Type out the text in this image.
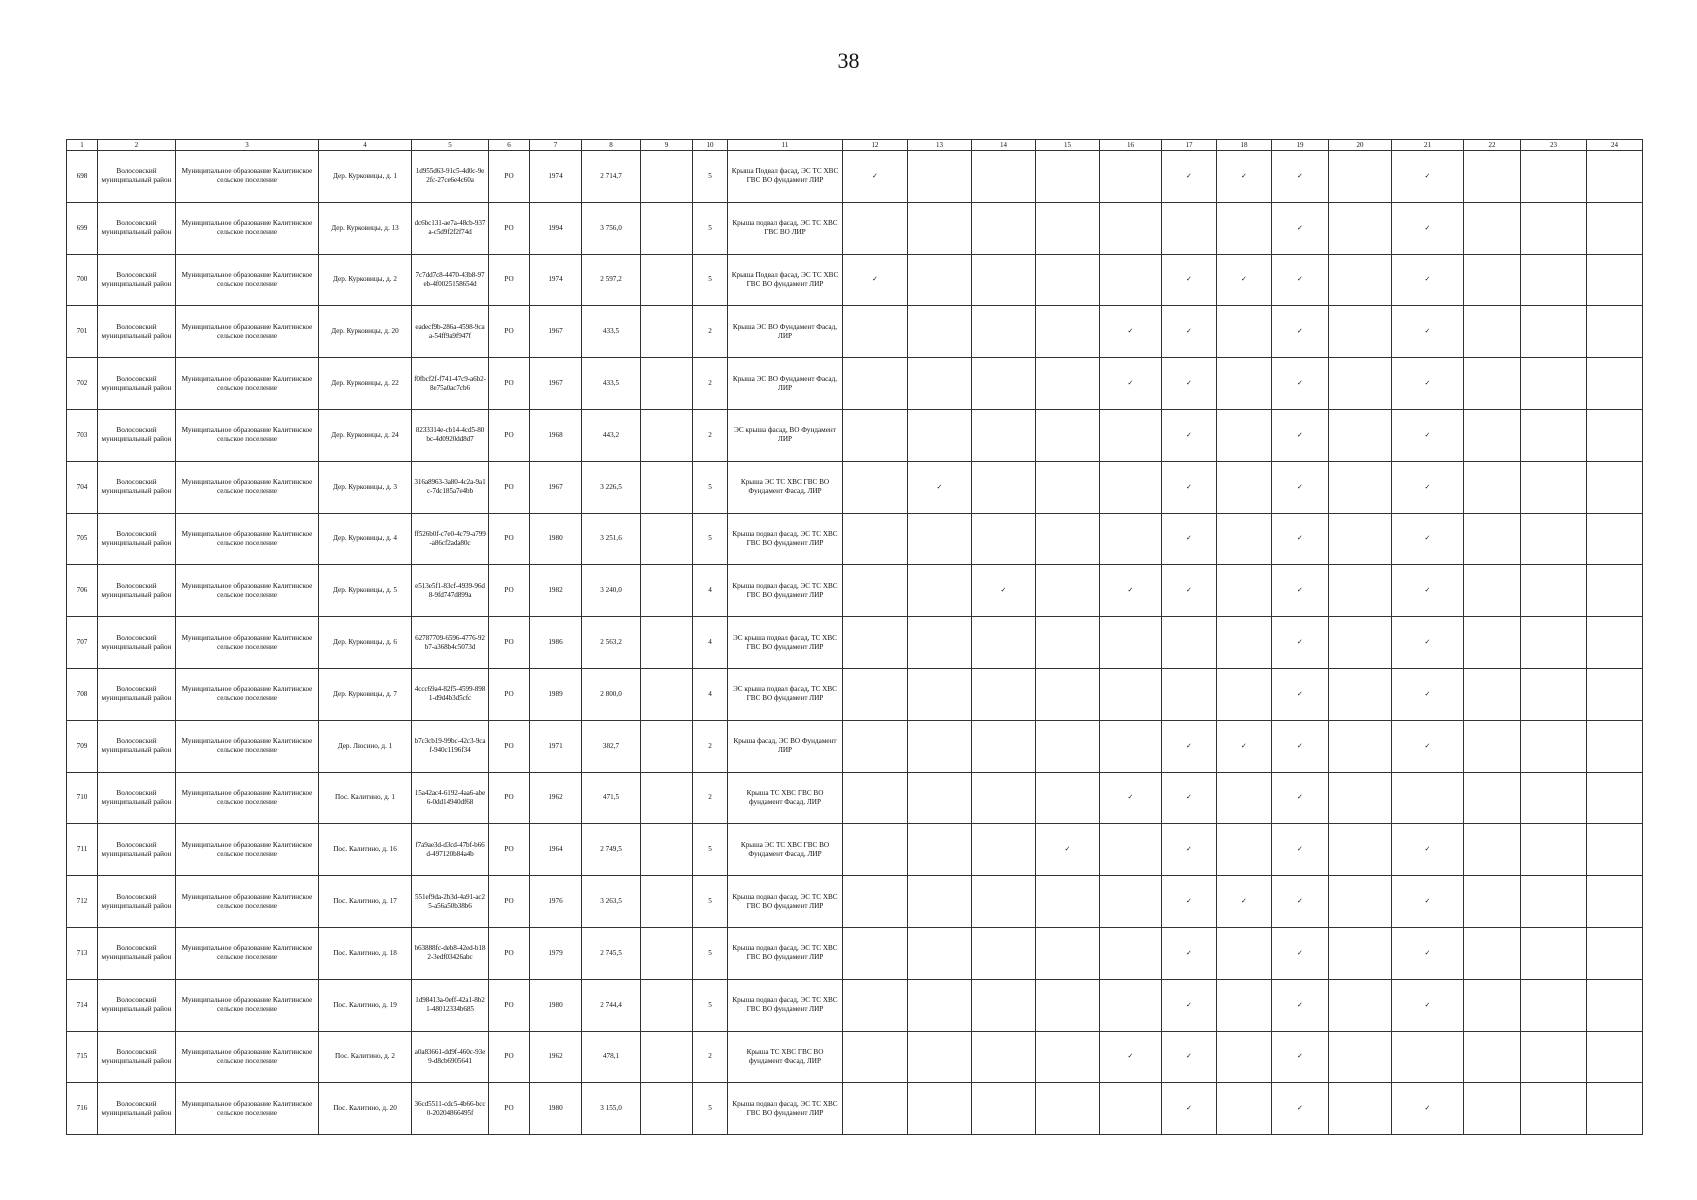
38
1	2	3	4	5	6	7	8	9	10	11	12	13	14	15	16	17	18	19	20	21	22	23	24
698	Волосовский муниципальный район	Муниципальное образование Калитинское сельское поселение	Дер. Курковицы, д. 1	1d955d63-91c5-4d0c-9e2fc-27ce6e4c60a	РО	1974	2 714,7		5	Крыша Подвал фасад, ЭС ТС ХВС ГВС ВО фундамент ЛИР	✓					✓	✓	✓		✓			
699	Волосовский муниципальный район	Муниципальное образование Калитинское сельское поселение	Дер. Курковицы, д. 13	dc6bc131-ae7a-48cb-937a-c5d9f2f2f74d	РО	1994	3 756,0		5	Крыша подвал фасад, ЭС ТС ХВС ГВС ВО ЛИР								✓		✓			
700	Волосовский муниципальный район	Муниципальное образование Калитинское сельское поселение	Дер. Курковицы, д. 2	7c7dd7c8-4470-43b8-97eb-4f0025158654d	РО	1974	2 597,2		5	Крыша Подвал фасад, ЭС ТС ХВС ГВС ВО фундамент ЛИР	✓					✓	✓	✓		✓			
701	Волосовский муниципальный район	Муниципальное образование Калитинское сельское поселение	Дер. Курковицы, д. 20	eadecf9b-286a-4598-9caa-54ff9a9f947f	РО	1967	433,5		2	Крыша ЭС ВО Фундамент Фасад, ЛИР					✓	✓		✓		✓			
702	Волосовский муниципальный район	Муниципальное образование Калитинское сельское поселение	Дер. Курковицы, д. 22	f0fbcf2f-f741-47c9-a6b2-8e75a0ac7cb6	РО	1967	433,5		2	Крыша ЭС ВО Фундамент Фасад, ЛИР					✓	✓		✓		✓			
703	Волосовский муниципальный район	Муниципальное образование Калитинское сельское поселение	Дер. Курковицы, д. 24	8233314e-cb14-4cd5-80bc-4d0920dd8d7	РО	1968	443,2		2	ЭС крыша фасад, ВО Фундамент ЛИР						✓		✓		✓			
704	Волосовский муниципальный район	Муниципальное образование Калитинское сельское поселение	Дер. Курковицы, д. 3	316a8963-3a80-4c2a-9a1c-7dc185a7e4bb	РО	1967	3 226,5		5	Крыша ЭС ТС ХВС ГВС ВО Фундамент Фасад, ЛИР		✓				✓		✓		✓			
705	Волосовский муниципальный район	Муниципальное образование Калитинское сельское поселение	Дер. Курковицы, д. 4	ff526b0f-c7e0-4c79-a799-a86cf2ada80c	РО	1980	3 251,6		5	Крыша подвал фасад, ЭС ТС ХВС ГВС ВО фундамент ЛИР						✓		✓		✓			
706	Волосовский муниципальный район	Муниципальное образование Калитинское сельское поселение	Дер. Курковицы, д. 5	e513e5f1-83cf-4939-96d8-9fd747d899a	РО	1982	3 240,0		4	Крыша подвал фасад, ЭС ТС ХВС ГВС ВО фундамент ЛИР			✓		✓	✓		✓		✓			
707	Волосовский муниципальный район	Муниципальное образование Калитинское сельское поселение	Дер. Курковицы, д. 6	62787709-6596-4776-92b7-a368b4c5073d	РО	1986	2 563,2		4	ЭС крыша подвал фасад, ТС ХВС ГВС ВО фундамент ЛИР								✓		✓			
708	Волосовский муниципальный район	Муниципальное образование Калитинское сельское поселение	Дер. Курковицы, д. 7	4ccc69a4-82f5-4599-8981-d9d4b3d5cfc	РО	1989	2 800,0		4	ЭС крыша подвал фасад, ТС ХВС ГВС ВО фундамент ЛИР								✓		✓			
709	Волосовский муниципальный район	Муниципальное образование Калитинское сельское поселение	Дер. Люсино, д. 1	b7c3cb19-99bc-42c3-9caf-940c1196f34	РО	1971	382,7		2	Крыша фасад, ЭС ВО Фундамент ЛИР						✓	✓	✓		✓			
710	Волосовский муниципальный район	Муниципальное образование Калитинское сельское поселение	Пос. Калитино, д. 1	15a42ac4-6192-4aa6-abe6-0dd14940df68	РО	1962	471,5		2	Крыша ТС ХВС ГВС ВО фундамент Фасад, ЛИР					✓	✓		✓					
711	Волосовский муниципальный район	Муниципальное образование Калитинское сельское поселение	Пос. Калитино, д. 16	f7a9ae3d-d3cd-47bf-b66d-497120b84a4b	РО	1964	2 749,5		5	Крыша ЭС ТС ХВС ГВС ВО Фундамент Фасад, ЛИР				✓		✓		✓		✓			
712	Волосовский муниципальный район	Муниципальное образование Калитинское сельское поселение	Пос. Калитино, д. 17	551ef9da-2b3d-4a91-ac25-a56a50b38b6	РО	1976	3 263,5		5	Крыша подвал фасад, ЭС ТС ХВС ГВС ВО фундамент ЛИР						✓	✓	✓		✓			
713	Волосовский муниципальный район	Муниципальное образование Калитинское сельское поселение	Пос. Калитино, д. 18	b63888fc-deb8-42ed-b182-3edf03426abc	РО	1979	2 745,5		5	Крыша подвал фасад, ЭС ТС ХВС ГВС ВО фундамент ЛИР						✓		✓		✓			
714	Волосовский муниципальный район	Муниципальное образование Калитинское сельское поселение	Пос. Калитино, д. 19	1d98413a-0eff-42a1-8b21-48012334b685	РО	1980	2 744,4		5	Крыша подвал фасад, ЭС ТС ХВС ГВС ВО фундамент ЛИР						✓		✓		✓			
715	Волосовский муниципальный район	Муниципальное образование Калитинское сельское поселение	Пос. Калитино, д. 2	a0a83661-dd9f-460c-93e9-d8cb6905641	РО	1962	478,1		2	Крыша ТС ХВС ГВС ВО фундамент Фасад, ЛИР					✓	✓		✓					
716	Волосовский муниципальный район	Муниципальное образование Калитинское сельское поселение	Пос. Калитино, д. 20	36cd5511-cdc5-4b66-bcc0-20204866495f	РО	1980	3 155,0		5	Крыша подвал фасад, ЭС ТС ХВС ГВС ВО фундамент ЛИР						✓		✓		✓			
